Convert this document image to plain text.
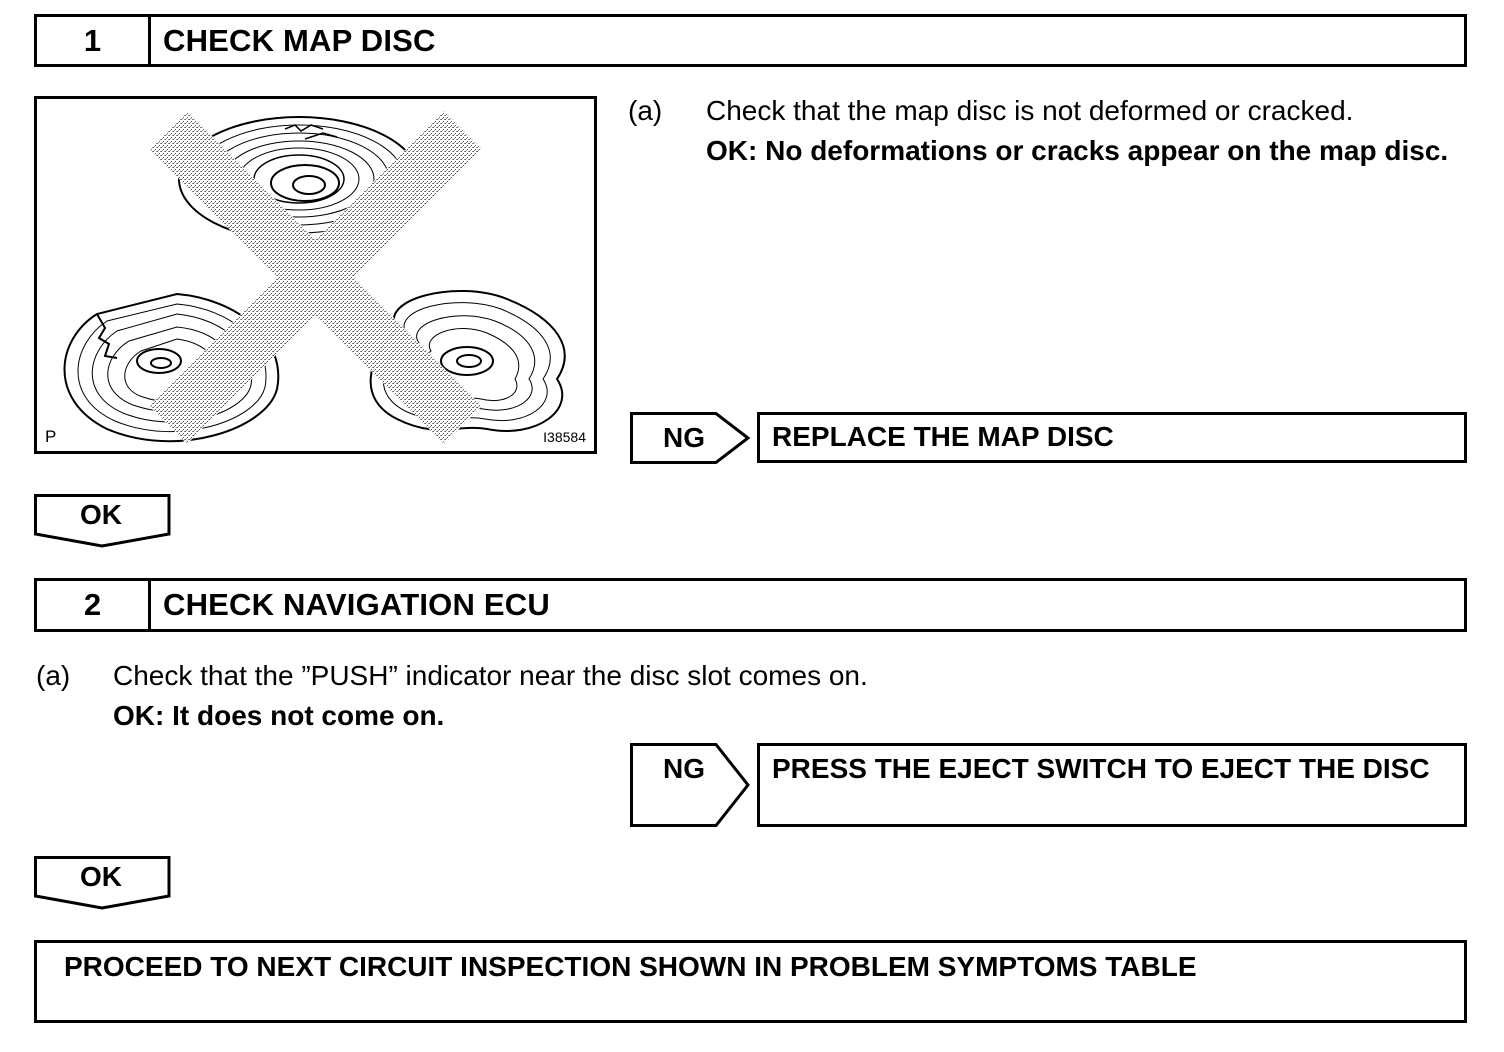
1	CHECK MAP DISC
P	I38584
(a) Check that the map disc is not deformed or cracked.
OK: No deformations or cracks appear on the map disc.
NG	REPLACE THE MAP DISC
OK
2	CHECK NAVIGATION ECU
(a) Check that the ”PUSH” indicator near the disc slot comes on.
OK: It does not come on.
NG	PRESS THE EJECT SWITCH TO EJECT THE DISC
OK
PROCEED TO NEXT CIRCUIT INSPECTION SHOWN IN PROBLEM SYMPTOMS TABLE
